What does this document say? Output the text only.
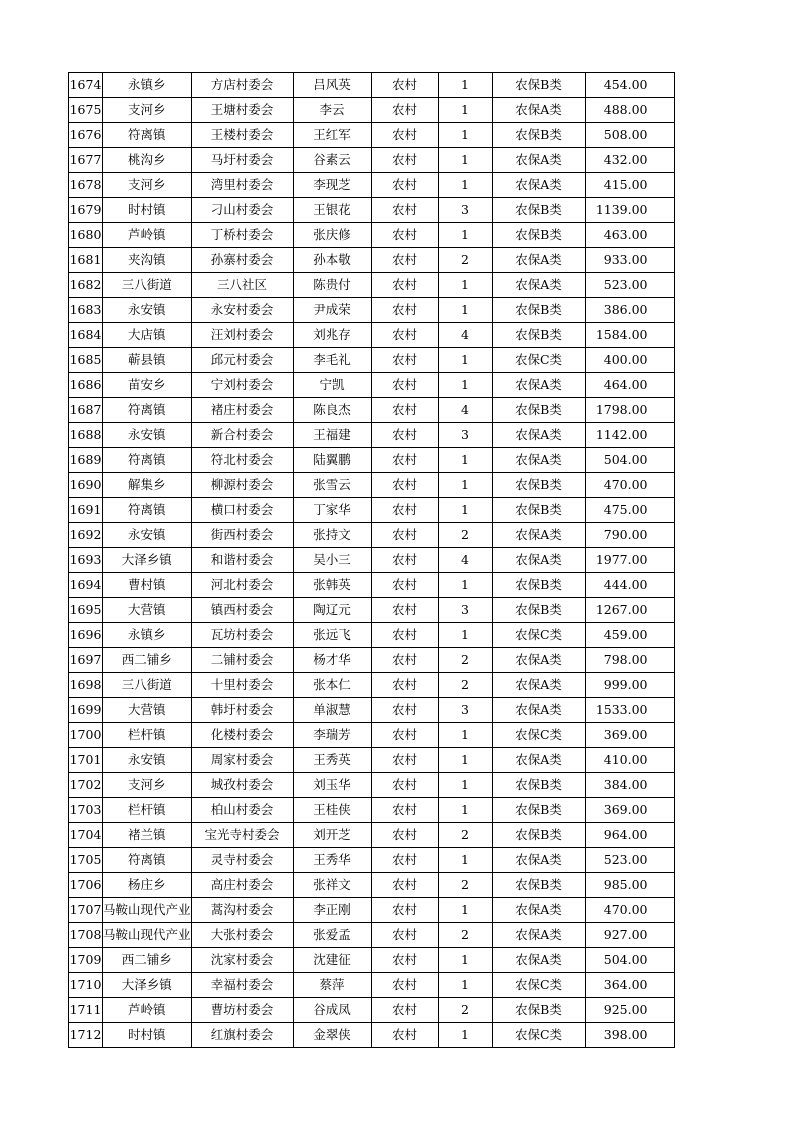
1674	永镇乡	方店村委会	吕风英	农村	1	农保B类	454.00
1675	支河乡	王塘村委会	李云	农村	1	农保A类	488.00
1676	符离镇	王楼村委会	王红军	农村	1	农保B类	508.00
1677	桃沟乡	马圩村委会	谷素云	农村	1	农保A类	432.00
1678	支河乡	湾里村委会	李现芝	农村	1	农保A类	415.00
1679	时村镇	刁山村委会	王银花	农村	3	农保B类	1139.00
1680	芦岭镇	丁桥村委会	张庆修	农村	1	农保B类	463.00
1681	夹沟镇	孙寨村委会	孙本敬	农村	2	农保A类	933.00
1682	三八街道	三八社区	陈贵付	农村	1	农保A类	523.00
1683	永安镇	永安村委会	尹成荣	农村	1	农保B类	386.00
1684	大店镇	汪刘村委会	刘兆存	农村	4	农保B类	1584.00
1685	蕲县镇	邱元村委会	李毛礼	农村	1	农保C类	400.00
1686	苗安乡	宁刘村委会	宁凯	农村	1	农保A类	464.00
1687	符离镇	褚庄村委会	陈良杰	农村	4	农保B类	1798.00
1688	永安镇	新合村委会	王福建	农村	3	农保A类	1142.00
1689	符离镇	符北村委会	陆翼鹏	农村	1	农保A类	504.00
1690	解集乡	柳源村委会	张雪云	农村	1	农保B类	470.00
1691	符离镇	横口村委会	丁家华	农村	1	农保B类	475.00
1692	永安镇	街西村委会	张持文	农村	2	农保A类	790.00
1693	大泽乡镇	和谐村委会	吴小三	农村	4	农保A类	1977.00
1694	曹村镇	河北村委会	张韩英	农村	1	农保B类	444.00
1695	大营镇	镇西村委会	陶辽元	农村	3	农保B类	1267.00
1696	永镇乡	瓦坊村委会	张远飞	农村	1	农保C类	459.00
1697	西二铺乡	二铺村委会	杨才华	农村	2	农保A类	798.00
1698	三八街道	十里村委会	张本仁	农村	2	农保A类	999.00
1699	大营镇	韩圩村委会	单淑慧	农村	3	农保A类	1533.00
1700	栏杆镇	化楼村委会	李瑞芳	农村	1	农保C类	369.00
1701	永安镇	周家村委会	王秀英	农村	1	农保A类	410.00
1702	支河乡	城孜村委会	刘玉华	农村	1	农保B类	384.00
1703	栏杆镇	柏山村委会	王桂侠	农村	1	农保B类	369.00
1704	褚兰镇	宝光寺村委会	刘开芝	农村	2	农保B类	964.00
1705	符离镇	灵寺村委会	王秀华	农村	1	农保A类	523.00
1706	杨庄乡	高庄村委会	张祥文	农村	2	农保B类	985.00
1707	马鞍山现代产业	蒿沟村委会	李正刚	农村	1	农保A类	470.00
1708	马鞍山现代产业	大张村委会	张爱孟	农村	2	农保A类	927.00
1709	西二铺乡	沈家村委会	沈建征	农村	1	农保A类	504.00
1710	大泽乡镇	幸福村委会	蔡萍	农村	1	农保C类	364.00
1711	芦岭镇	曹坊村委会	谷成凤	农村	2	农保B类	925.00
1712	时村镇	红旗村委会	金翠侠	农村	1	农保C类	398.00
